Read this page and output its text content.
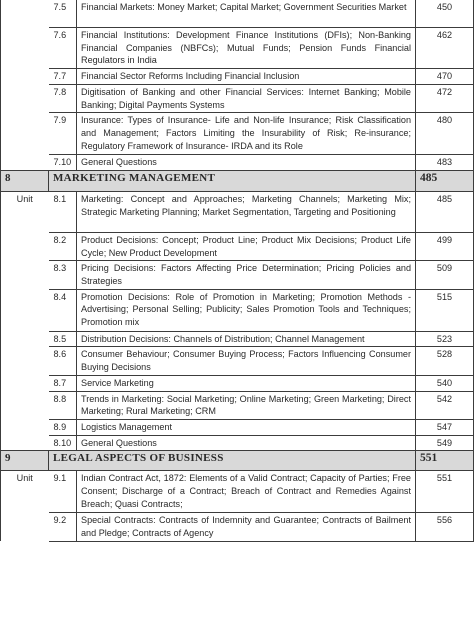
	7.5	Financial Markets: Money Market; Capital Market; Government Securities Market	450
	7.6	Financial Institutions: Development Finance Institutions (DFIs); Non-Banking Financial Companies (NBFCs); Mutual Funds; Pension Funds Financial Regulators in India	462
	7.7	Financial Sector Reforms Including Financial Inclusion	470
	7.8	Digitisation of Banking and other Financial Services: Internet Banking; Mobile Banking; Digital Payments Systems	472
	7.9	Insurance: Types of Insurance- Life and Non-life Insurance; Risk Classification and Management; Factors Limiting the Insurability of Risk; Re-insurance; Regulatory Framework of Insurance- IRDA and its Role	480
	7.10	General Questions	483
8	MARKETING MANAGEMENT		485
Unit	8.1	Marketing: Concept and Approaches; Marketing Channels; Marketing Mix; Strategic Marketing Planning; Market Segmentation, Targeting and Positioning	485
	8.2	Product Decisions: Concept; Product Line; Product Mix Decisions; Product Life Cycle; New Product Development	499
	8.3	Pricing Decisions: Factors Affecting Price Determination; Pricing Policies and Strategies	509
	8.4	Promotion Decisions: Role of Promotion in Marketing; Promotion Methods - Advertising; Personal Selling; Publicity; Sales Promotion Tools and Techniques; Promotion mix	515
	8.5	Distribution Decisions: Channels of Distribution; Channel Management	523
	8.6	Consumer Behaviour; Consumer Buying Process; Factors Influencing Consumer Buying Decisions	528
	8.7	Service Marketing	540
	8.8	Trends in Marketing: Social Marketing; Online Marketing; Green Marketing; Direct Marketing; Rural Marketing; CRM	542
	8.9	Logistics Management	547
	8.10	General Questions	549
9	LEGAL ASPECTS OF BUSINESS		551
Unit	9.1	Indian Contract Act, 1872: Elements of a Valid Contract; Capacity of Parties; Free Consent; Discharge of a Contract; Breach of Contract and Remedies Against Breach; Quasi Contracts;	551
	9.2	Special Contracts: Contracts of Indemnity and Guarantee; Contracts of Bailment and Pledge; Contracts of Agency	556
